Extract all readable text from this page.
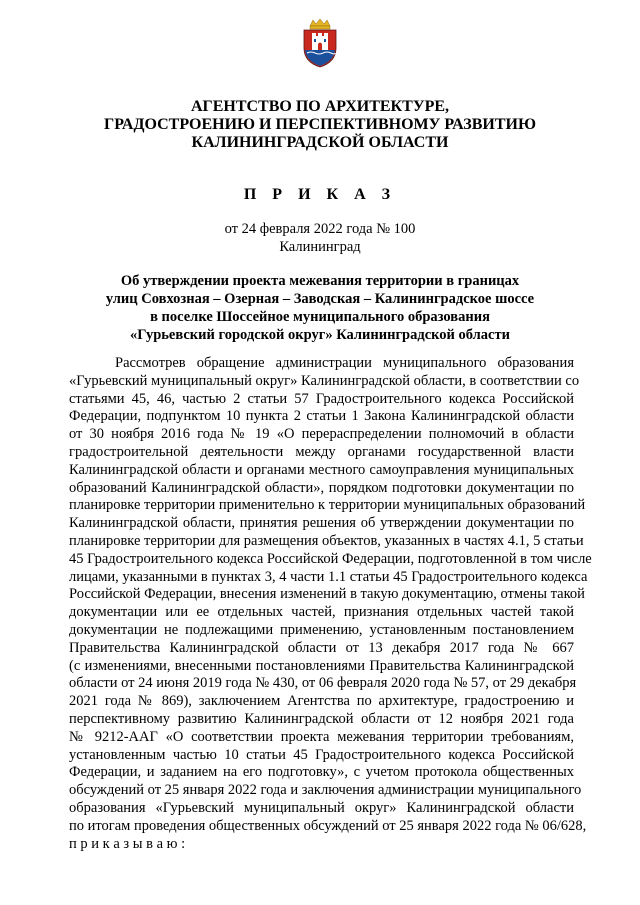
АГЕНТСТВО ПО АРХИТЕКТУРЕ,
ГРАДОСТРОЕНИЮ И ПЕРСПЕКТИВНОМУ РАЗВИТИЮ
КАЛИНИНГРАДСКОЙ ОБЛАСТИ
П Р И К А З
от 24 февраля 2022 года № 100
Калининград
Об утверждении проекта межевания территории в границах
улиц Совхозная – Озерная – Заводская – Калининградское шоссе
в поселке Шоссейное муниципального образования
«Гурьевский городской округ» Калининградской области
Рассмотрев обращение администрации муниципального образования
«Гурьевский муниципальный округ» Калининградской области, в соответствии со
статьями 45, 46, частью 2 статьи 57 Градостроительного кодекса Российской
Федерации, подпунктом 10 пункта 2 статьи 1 Закона Калининградской области
от 30 ноября 2016 года № 19 «О перераспределении полномочий в области
градостроительной деятельности между органами государственной власти
Калининградской области и органами местного самоуправления муниципальных
образований Калининградской области», порядком подготовки документации по
планировке территории применительно к территории муниципальных образований
Калининградской области, принятия решения об утверждении документации по
планировке территории для размещения объектов, указанных в частях 4.1, 5 статьи
45 Градостроительного кодекса Российской Федерации, подготовленной в том числе
лицами, указанными в пунктах 3, 4 части 1.1 статьи 45 Градостроительного кодекса
Российской Федерации, внесения изменений в такую документацию, отмены такой
документации или ее отдельных частей, признания отдельных частей такой
документации не подлежащими применению, установленным постановлением
Правительства Калининградской области от 13 декабря 2017 года № 667
(с изменениями, внесенными постановлениями Правительства Калининградской
области от 24 июня 2019 года № 430, от 06 февраля 2020 года № 57, от 29 декабря
2021 года № 869), заключением Агентства по архитектуре, градостроению и
перспективному развитию Калининградской области от 12 ноября 2021 года
№ 9212-ААГ «О соответствии проекта межевания территории требованиям,
установленным частью 10 статьи 45 Градостроительного кодекса Российской
Федерации, и заданием на его подготовку», с учетом протокола общественных
обсуждений от 25 января 2022 года и заключения администрации муниципального
образования «Гурьевский муниципальный округ» Калининградской области
по итогам проведения общественных обсуждений от 25 января 2022 года № 06/628,
п р и к а з ы в а ю :
